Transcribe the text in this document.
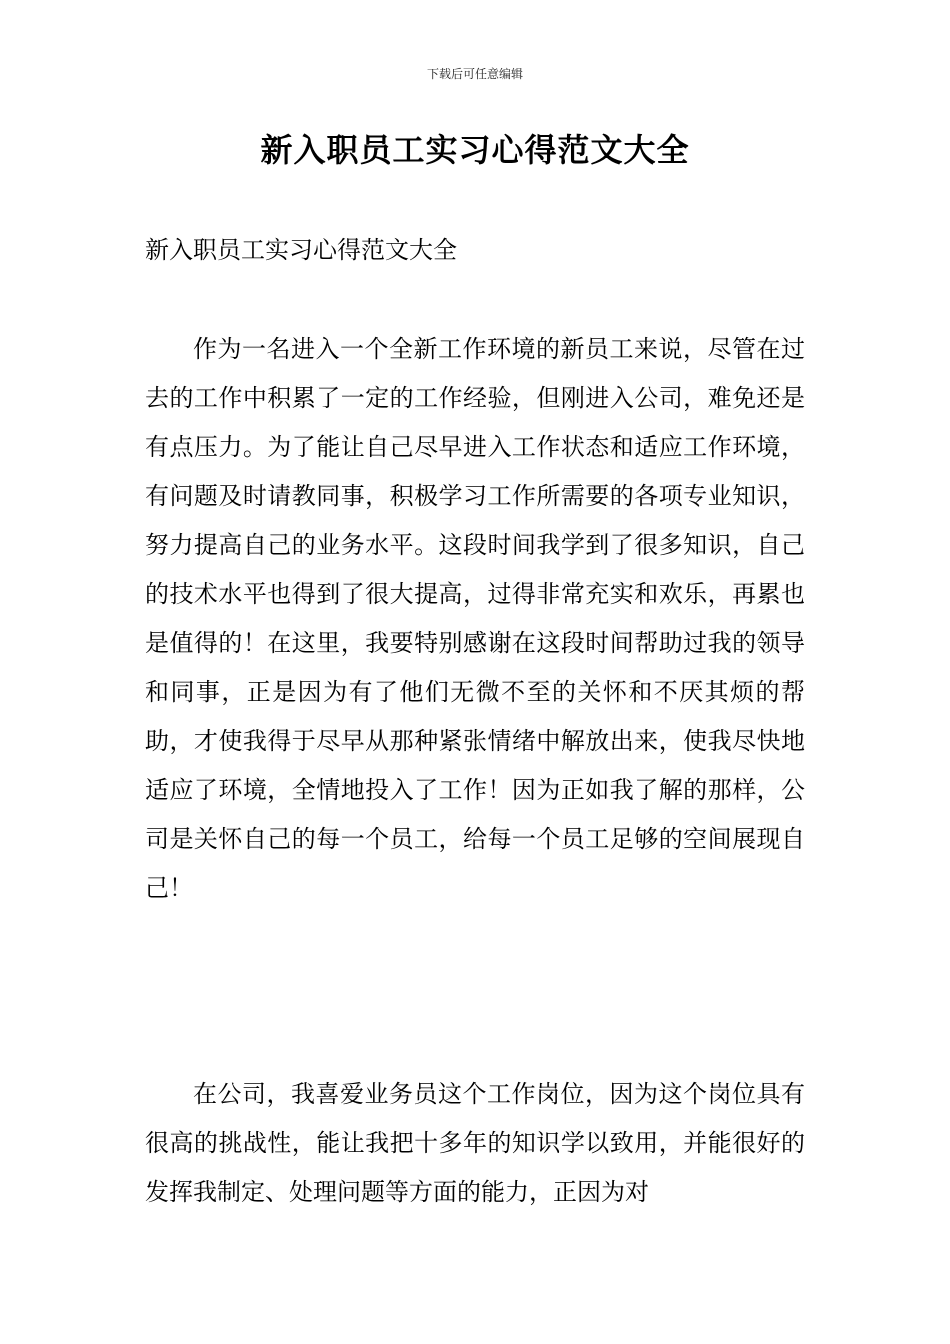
下载后可任意编辑
新入职员工实习心得范文大全
新入职员工实习心得范文大全

作为一名进入一个全新工作环境的新员工来说，尽管在过去的工作中积累了一定的工作经验，但刚进入公司，难免还是有点压力。为了能让自己尽早进入工作状态和适应工作环境，有问题及时请教同事，积极学习工作所需要的各项专业知识，努力提高自己的业务水平。这段时间我学到了很多知识，自己的技术水平也得到了很大提高，过得非常充实和欢乐，再累也是值得的！在这里，我要特别感谢在这段时间帮助过我的领导和同事，正是因为有了他们无微不至的关怀和不厌其烦的帮助，才使我得于尽早从那种紧张情绪中解放出来，使我尽快地适应了环境，全情地投入了工作！因为正如我了解的那样，公司是关怀自己的每一个员工，给每一个员工足够的空间展现自己！

在公司，我喜爱业务员这个工作岗位，因为这个岗位具有很高的挑战性，能让我把十多年的知识学以致用，并能很好的发挥我制定、处理问题等方面的能力，正因为对
